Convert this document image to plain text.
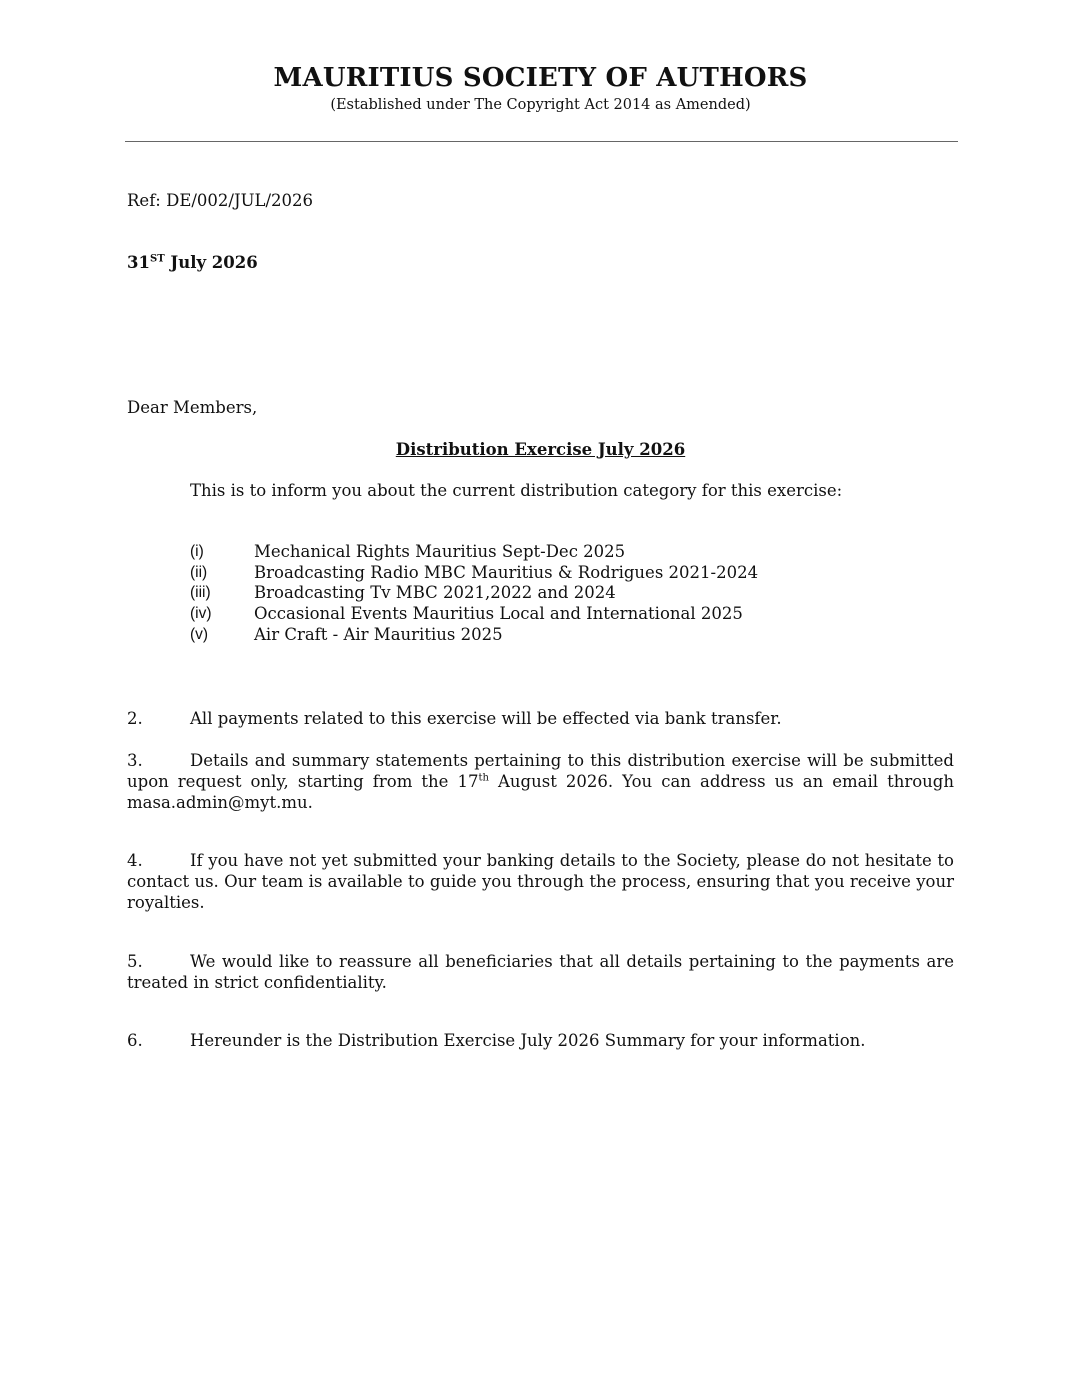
MAURITIUS SOCIETY OF AUTHORS
(Established under The Copyright Act 2014 as Amended)
Ref: DE/002/JUL/2026
31ST July 2026
Dear Members,
Distribution Exercise July 2026
This is to inform you about the current distribution category for this exercise:
(i)	Mechanical Rights Mauritius Sept-Dec 2025
(ii)	Broadcasting Radio MBC Mauritius & Rodrigues 2021-2024
(iii)	Broadcasting Tv MBC 2021,2022 and 2024
(iv)	Occasional Events Mauritius Local and International 2025
(v)	Air Craft - Air Mauritius 2025

2.	All payments related to this exercise will be effected via bank transfer.

3.	Details and summary statements pertaining to this distribution exercise will be submitted upon request only, starting from the 17th August 2026. You can address us an email through masa.admin@myt.mu.

4.	If you have not yet submitted your banking details to the Society, please do not hesitate to contact us. Our team is available to guide you through the process, ensuring that you receive your royalties.

5.	We would like to reassure all beneficiaries that all details pertaining to the payments are treated in strict confidentiality.

6.	Hereunder is the Distribution Exercise July 2026 Summary for your information.
